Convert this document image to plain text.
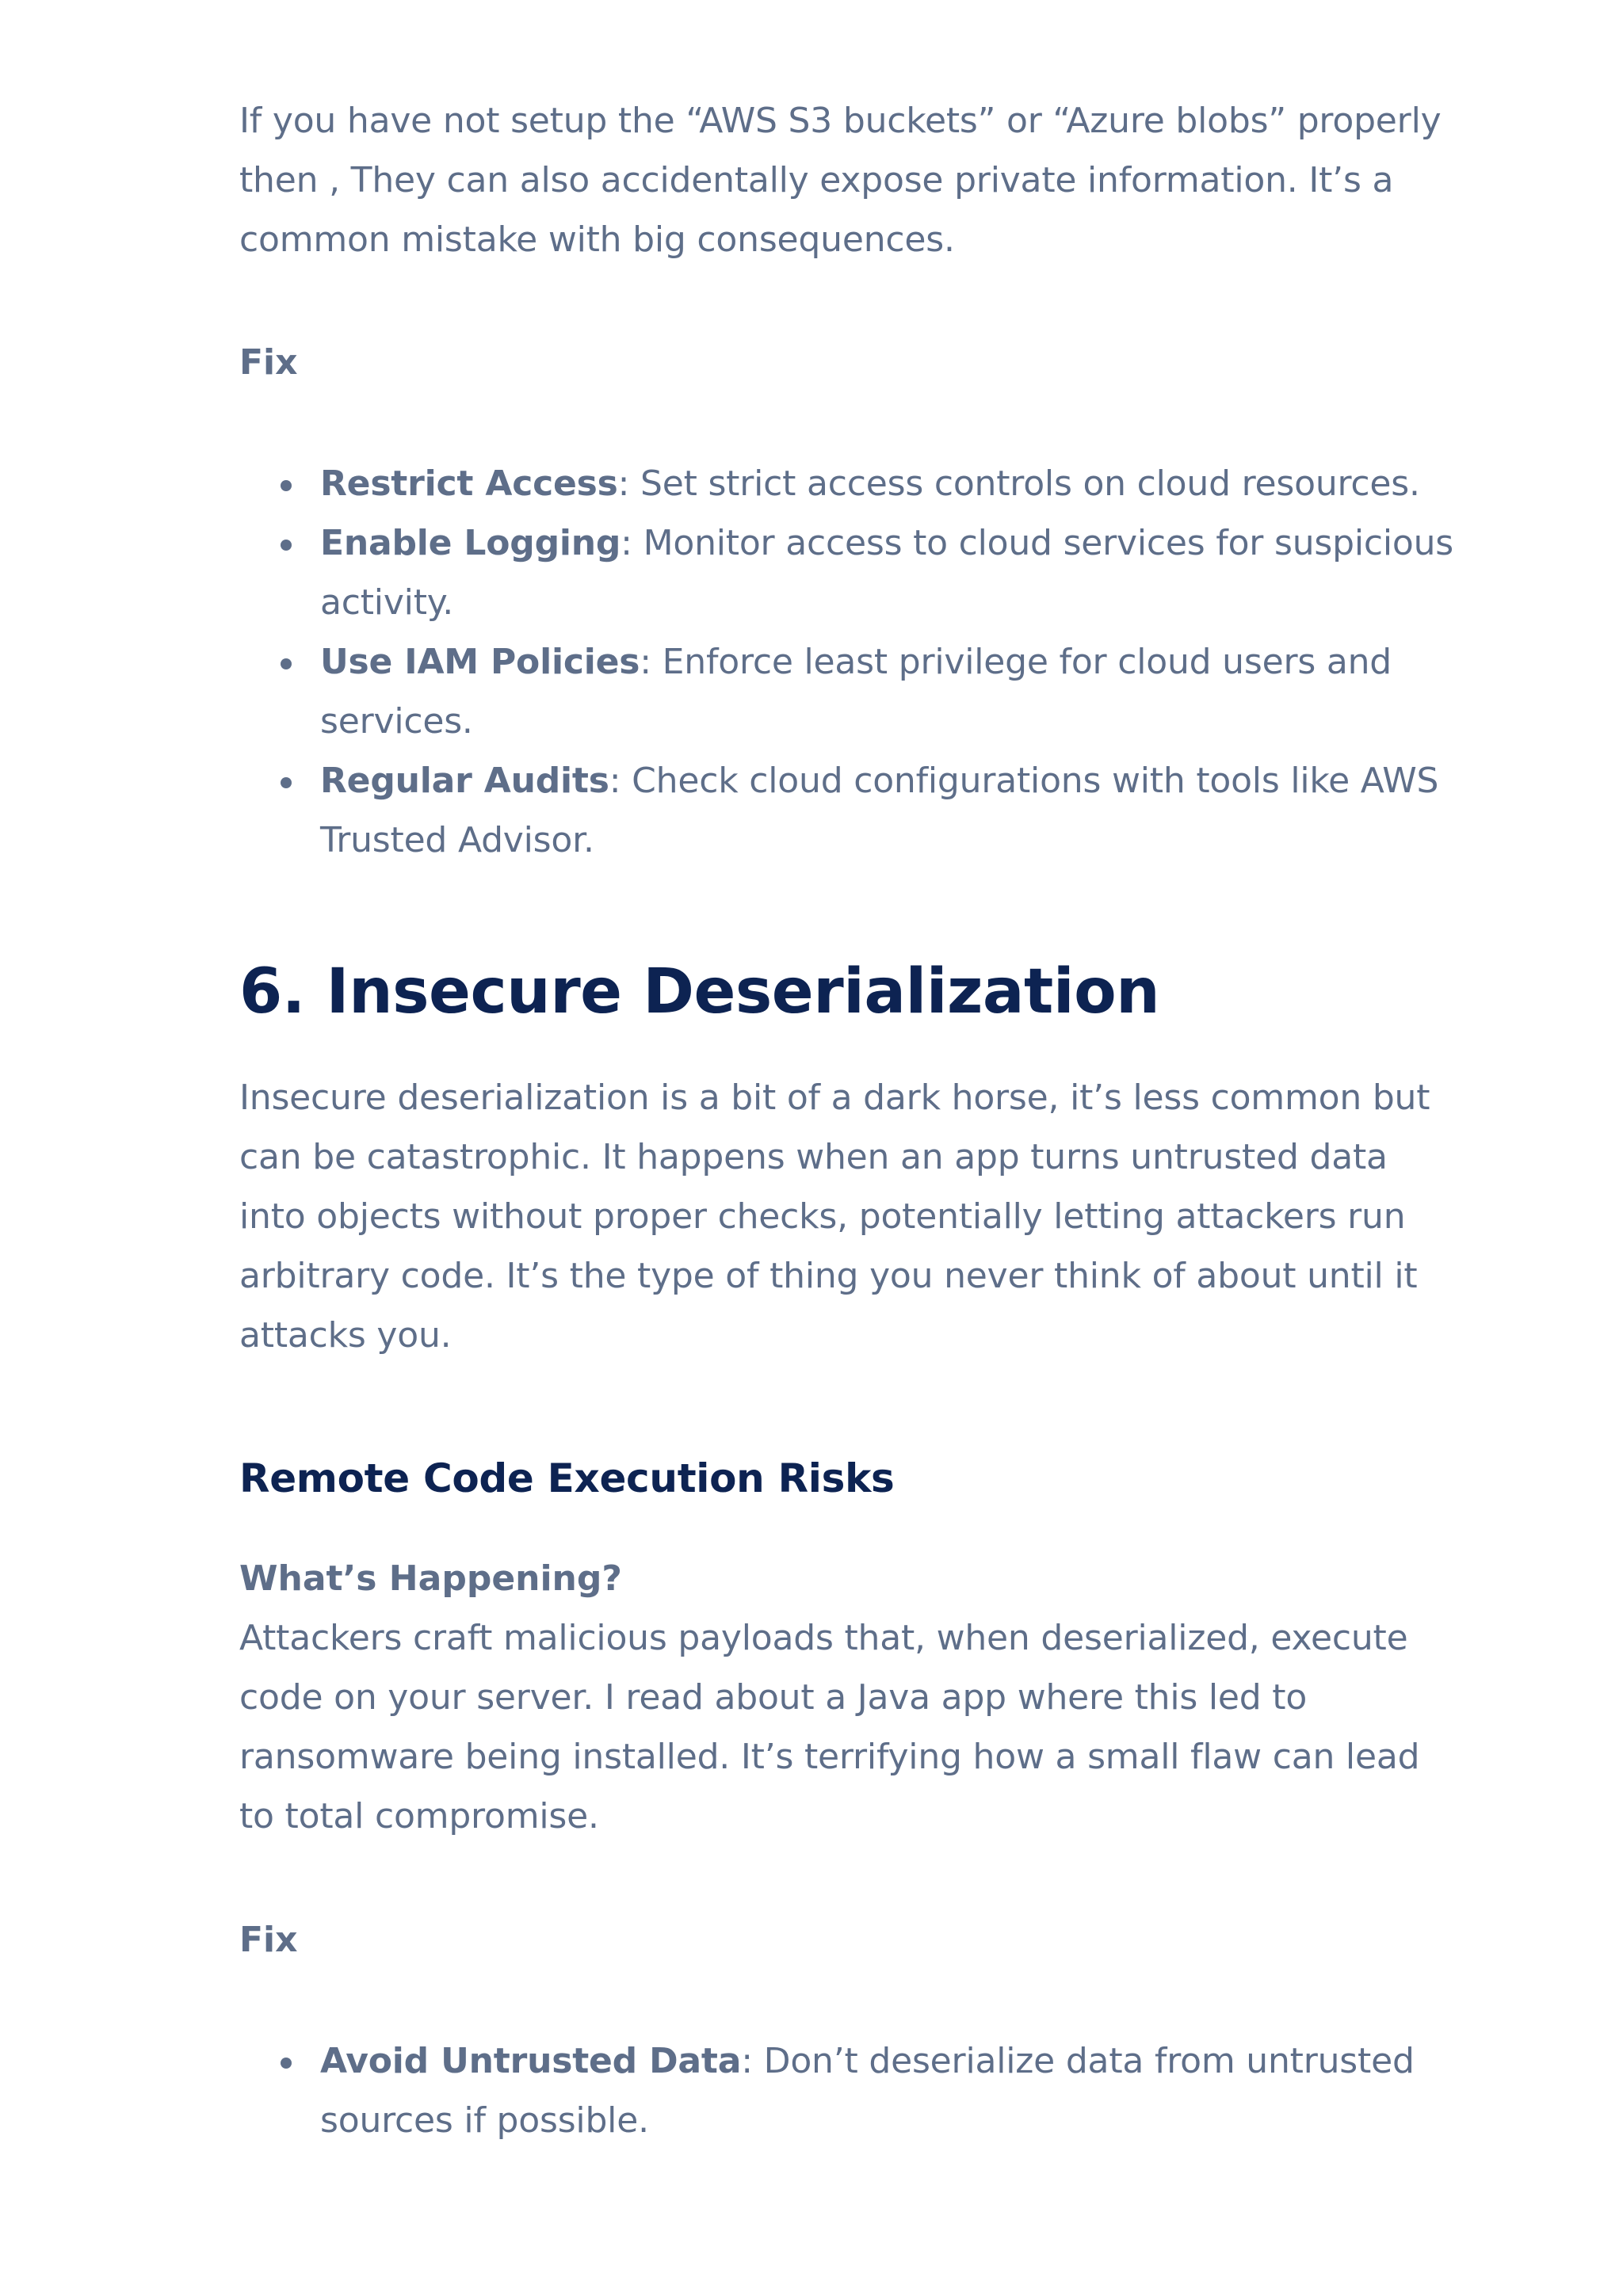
If you have not setup the “AWS S3 buckets” or “Azure blobs” properly then , They can also accidentally expose private information. It’s a common mistake with big consequences.

Fix

Restrict Access: Set strict access controls on cloud resources.
Enable Logging: Monitor access to cloud services for suspicious activity.
Use IAM Policies: Enforce least privilege for cloud users and services.
Regular Audits: Check cloud configurations with tools like AWS Trusted Advisor.
6. Insecure Deserialization

Insecure deserialization is a bit of a dark horse, it’s less common but can be catastrophic. It happens when an app turns untrusted data into objects without proper checks, potentially letting attackers run arbitrary code. It’s the type of thing you never think of about until it attacks you.

Remote Code Execution Risks

What’s Happening?

Attackers craft malicious payloads that, when deserialized, execute code on your server. I read about a Java app where this led to ransomware being installed. It’s terrifying how a small flaw can lead to total compromise.

Fix

Avoid Untrusted Data: Don’t deserialize data from untrusted sources if possible.
